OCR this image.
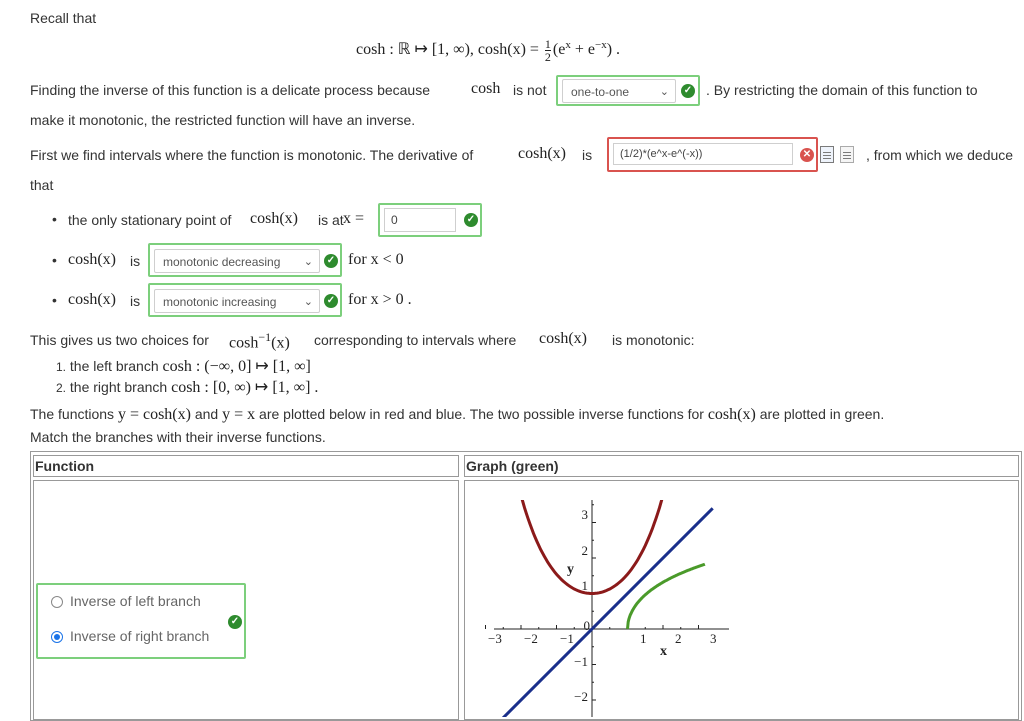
Recall that
cosh : ℝ ↦ [1, ∞), $\cosh(x) = \frac{1}{2} (e^x + e^{-x})$ .
Finding the inverse of this function is a delicate process because	cosh is not	one-to-one	⌄ ✓ . By restricting the domain of this function to
make it monotonic, the restricted function will have an inverse.
First we find intervals where the function is monotonic. The derivative of	cosh(x) is
(1/2)*(e^x-e^(-x))	✕	, from which we deduce
that
• the only stationary point of cosh(x) is at x =
0	✓
• cosh(x) is	monotonic decreasing ⌄ ✓ for x < 0
• cosh(x) is	monotonic increasing ⌄ ✓ for x > 0 .
This gives us two choices for $\cosh^{-1}(x)$ corresponding to intervals where cosh(x) is monotonic:
1. the left branch cosh : (−∞, 0] ↦ [1, ∞]
2. the right branch cosh : [0, ∞) ↦ [1, ∞] .
The functions y = cosh(x) and y = x are plotted below in red and blue. The two possible inverse functions for cosh(x) are plotted in green.
Match the branches with their inverse functions.
Function	Graph (green)
Inverse of left branch
Inverse of right branch
✓
−3 −2 −1	1 2 3
3
2
1
0
−1
−2
x
y
